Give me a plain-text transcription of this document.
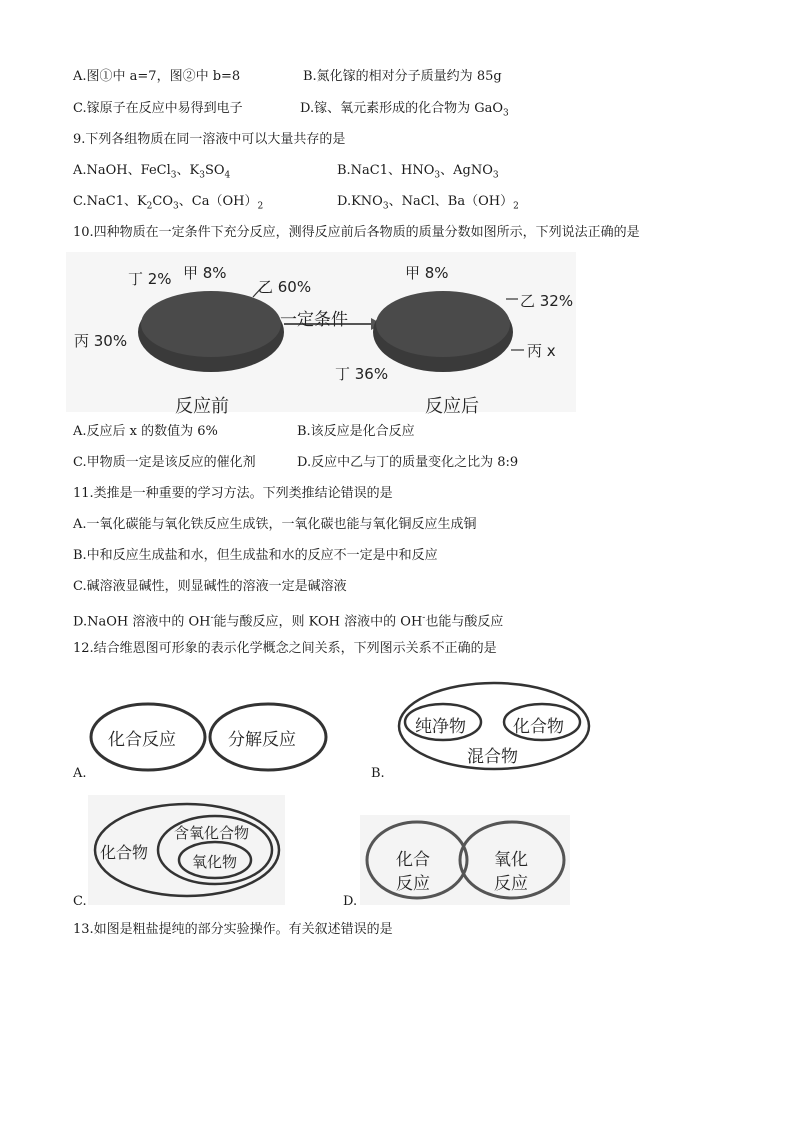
A.图①中 a=7，图②中 b=8	B.氮化镓的相对分子质量约为 85g
C.镓原子在反应中易得到电子	D.镓、氧元素形成的化合物为 GaO$_3$
9.下列各组物质在同一溶液中可以大量共存的是
A.NaOH、FeCl$_3$、$K_3SO_4$	B.NaC1、$HNO_3$、AgNO$_3$
C.NaC1、$K_2CO_3$、$Ca(OH)_2$	$D.KNO_3$、NaCl、$Ba(OH)_2$
10.四种物质在一定条件下充分反应，测得反应前后各物质的质量分数如图所示，下列说法正确的是
丁 2% 甲 8%
乙 60%
丙 30%
一定条件
甲 8%
乙 32%
丙 x
丁 36%
反应前	反应后
A.反应后 x 的数值为 6%	B.该反应是化合反应
C.甲物质一定是该反应的催化剂	D.反应中乙与丁的质量变化之比为 8:9
11.类推是一种重要的学习方法。下列类推结论错误的是
A.一氧化碳能与氧化铁反应生成铁，一氧化碳也能与氧化铜反应生成铜
B.中和反应生成盐和水，但生成盐和水的反应不一定是中和反应
C.碱溶液显碱性，则显碱性的溶液一定是碱溶液
D.NaOH 溶液中的 OH-能与酸反应，则 KOH 溶液中的 OH-也能与酸反应
12.结合维恩图可形象的表示化学概念之间关系，下列图示关系不正确的是
化合反应	分解反应
A.
纯净物	化合物
混合物
B.
化合物
含氧化合物
氧化物
C.
化合
反应
氧化
反应
D.
13.如图是粗盐提纯的部分实验操作。有关叙述错误的是
